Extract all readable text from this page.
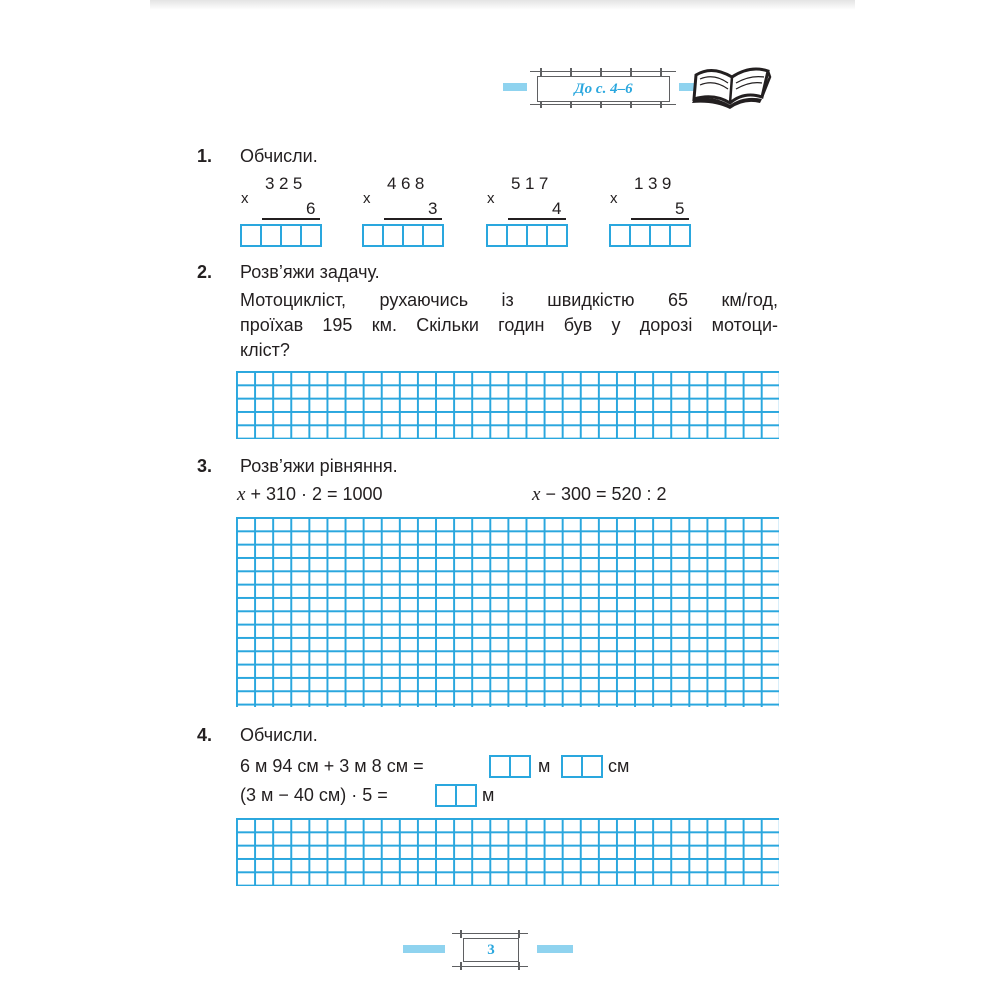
До с. 4–6
1. Обчисли.
x
325
6
x
468
3
x
517
4
x
139
5
2. Розв’яжи задачу.
Мотоцикліст, рухаючись із швидкістю 65 км/год,
проїхав 195 км. Скільки годин був у дорозі мотоци-
кліст?
3. Розв’яжи рівняння.
x + 310 · 2 = 1000	x − 300 = 520 : 2
4. Обчисли.
6 м 94 см + 3 м 8 см =	м	см
(3 м − 40 см) · 5 =	м
3
